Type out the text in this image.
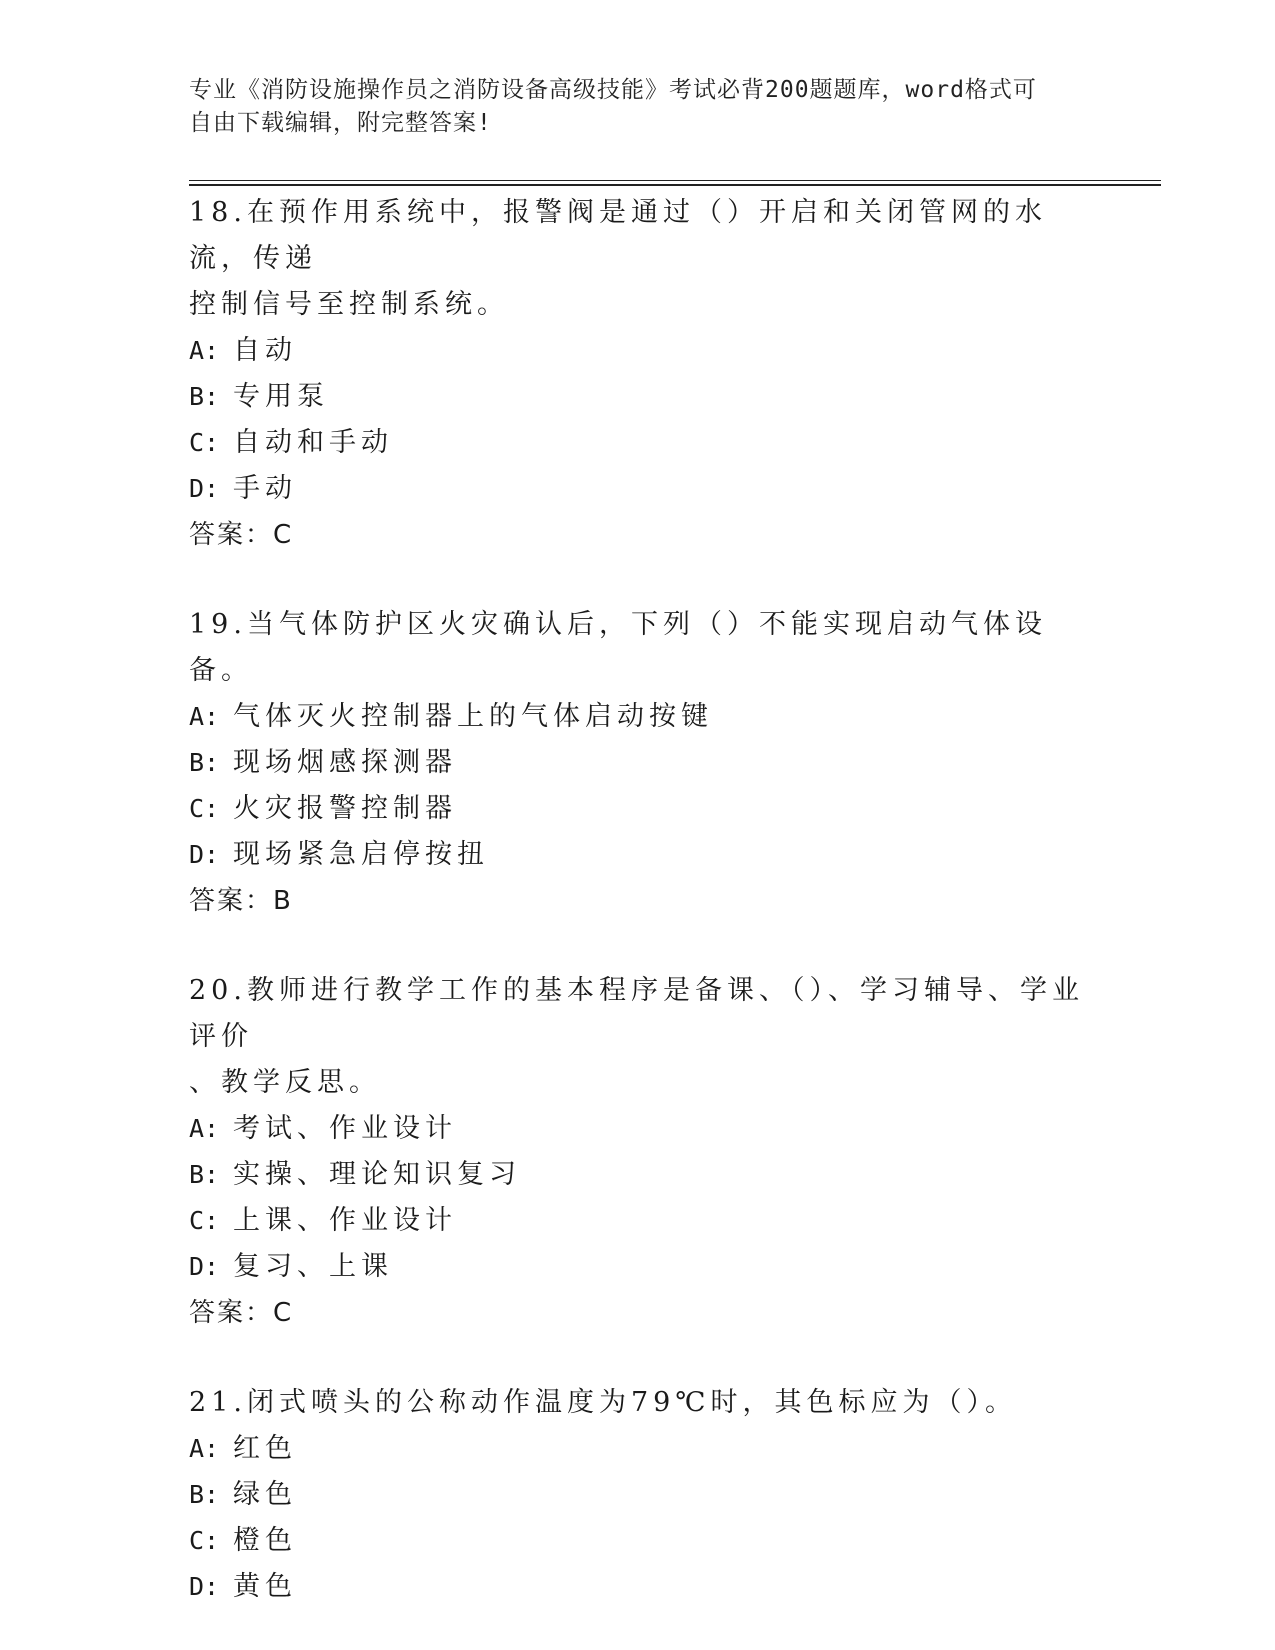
专业《消防设施操作员之消防设备高级技能》考试必背200题题库，word格式可
自由下载编辑，附完整答案!

18.在预作用系统中，报警阀是通过（）开启和关闭管网的水流，传递
控制信号至控制系统。

A: 自动

B: 专用泵

C: 自动和手动

D: 手动

答案：C

19.当气体防护区火灾确认后，下列（）不能实现启动气体设备。

A: 气体灭火控制器上的气体启动按键

B: 现场烟感探测器

C: 火灾报警控制器

D: 现场紧急启停按扭

答案：B

20.教师进行教学工作的基本程序是备课、（）、学习辅导、学业评价
、教学反思。

A: 考试、作业设计

B: 实操、理论知识复习

C: 上课、作业设计

D: 复习、上课

答案：C

21.闭式喷头的公称动作温度为79℃时，其色标应为（）。

A: 红色

B: 绿色

C: 橙色

D: 黄色
